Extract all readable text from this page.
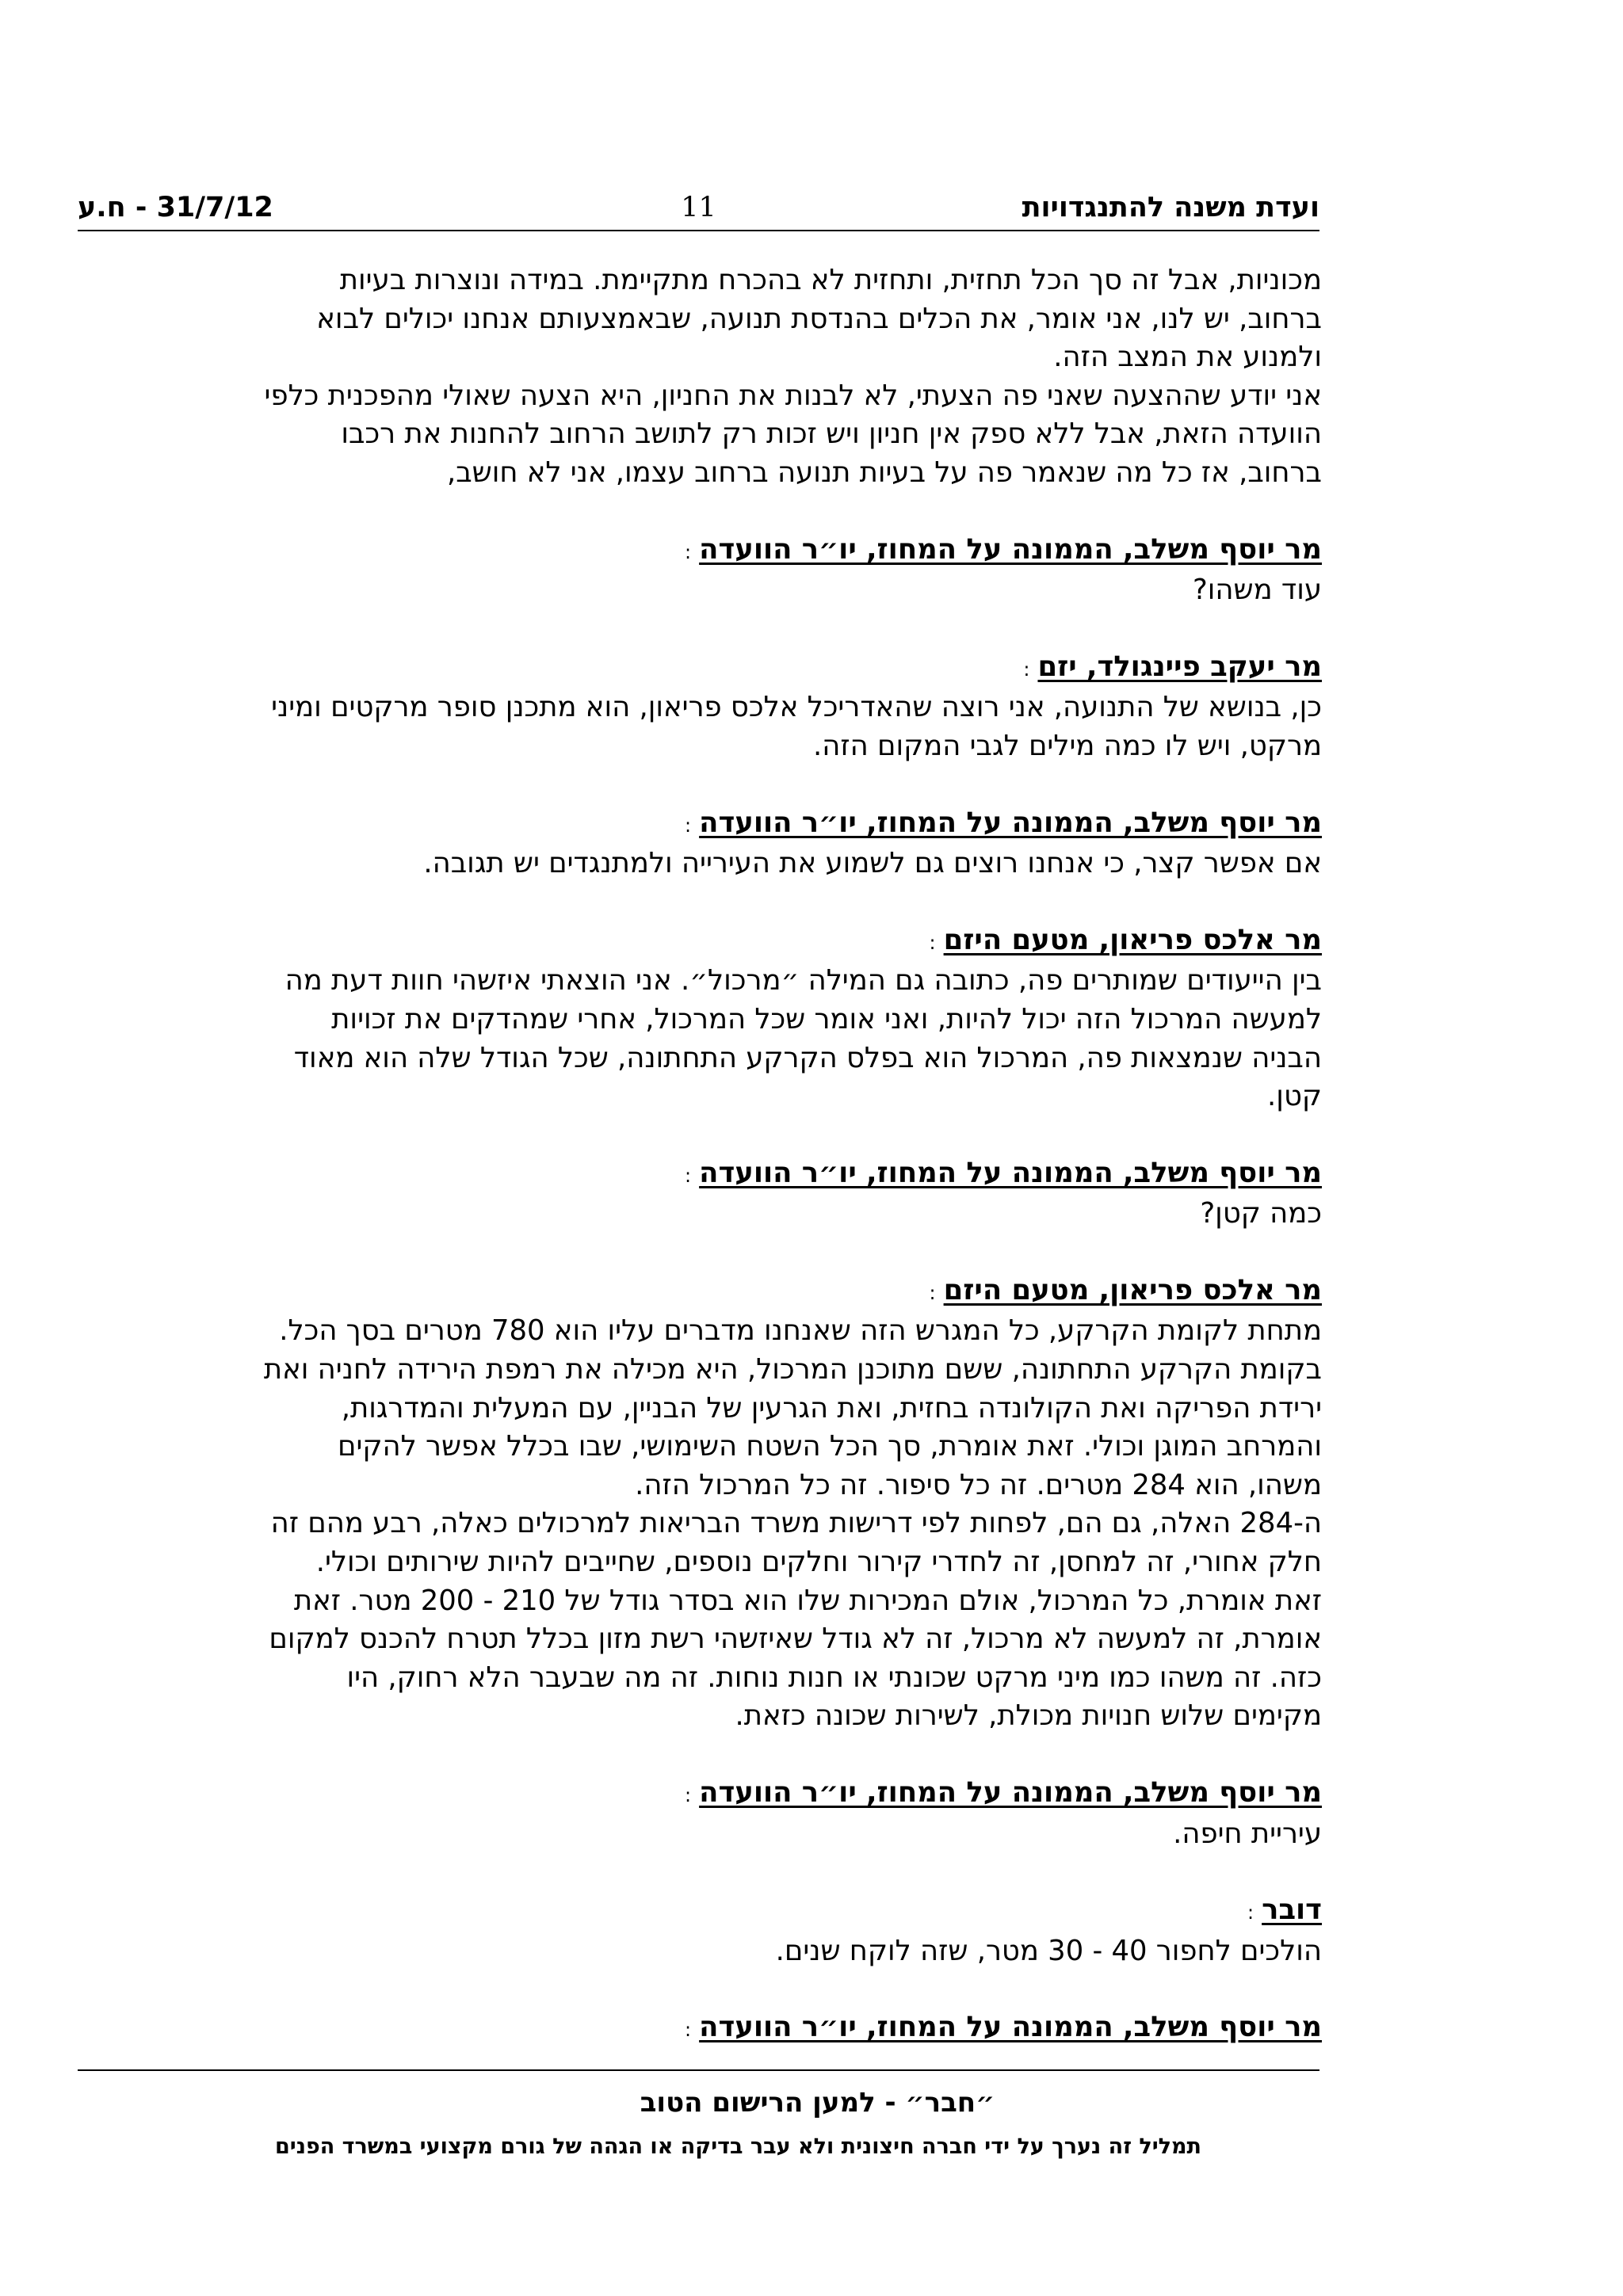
ועדת משנה להתנגדויות
11
31/7/12 - ח.ע

מכוניות, אבל זה סך הכל תחזית, ותחזית לא בהכרח מתקיימת. במידה ונוצרות בעיות

ברחוב, יש לנו, אני אומר, את הכלים בהנדסת תנועה, שבאמצעותם אנחנו יכולים לבוא

ולמנוע את המצב הזה.

אני יודע שההצעה שאני פה הצעתי, לא לבנות את החניון, היא הצעה שאולי מהפכנית כלפי

הוועדה הזאת, אבל ללא ספק אין חניון ויש זכות רק לתושב הרחוב להחנות את רכבו

ברחוב, אז כל מה שנאמר פה על בעיות תנועה ברחוב עצמו, אני לא חושב,

מר יוסף משלב, הממונה על המחוז, יו״ר הוועדה:

עוד משהו?

מר יעקב פיינגולד, יזם:

כן, בנושא של התנועה, אני רוצה שהאדריכל אלכס פריאון, הוא מתכנן סופר מרקטים ומיני

מרקט, ויש לו כמה מילים לגבי המקום הזה.

מר יוסף משלב, הממונה על המחוז, יו״ר הוועדה:

אם אפשר קצר, כי אנחנו רוצים גם לשמוע את העירייה ולמתנגדים יש תגובה.

מר אלכס פריאון, מטעם היזם:

בין הייעודים שמותרים פה, כתובה גם המילה ״מרכול״. אני הוצאתי איזשהי חוות דעת מה

למעשה המרכול הזה יכול להיות, ואני אומר שכל המרכול, אחרי שמהדקים את זכויות

הבניה שנמצאות פה, המרכול הוא בפלס הקרקע התחתונה, שכל הגודל שלה הוא מאוד

קטן.

מר יוסף משלב, הממונה על המחוז, יו״ר הוועדה:

כמה קטן?

מר אלכס פריאון, מטעם היזם:

מתחת לקומת הקרקע, כל המגרש הזה שאנחנו מדברים עליו הוא 780 מטרים בסך הכל.

בקומת הקרקע התחתונה, ששם מתוכנן המרכול, היא מכילה את רמפת הירידה לחניה ואת

ירידת הפריקה ואת הקולונדה בחזית, ואת הגרעין של הבניין, עם המעלית והמדרגות,

והמרחב המוגן וכולי. זאת אומרת, סך הכל השטח השימושי, שבו בכלל אפשר להקים

משהו, הוא 284 מטרים. זה כל סיפור. זה כל המרכול הזה.

ה-284 האלה, גם הם, לפחות לפי דרישות משרד הבריאות למרכולים כאלה, רבע מהם זה

חלק אחורי, זה למחסן, זה לחדרי קירור וחלקים נוספים, שחייבים להיות שירותים וכולי.

זאת אומרת, כל המרכול, אולם המכירות שלו הוא בסדר גודל של 210 - 200 מטר. זאת

אומרת, זה למעשה לא מרכול, זה לא גודל שאיזשהי רשת מזון בכלל תטרח להכנס למקום

כזה. זה משהו כמו מיני מרקט שכונתי או חנות נוחות. זה מה שבעבר הלא רחוק, היו

מקימים שלוש חנויות מכולת, לשירות שכונה כזאת.

מר יוסף משלב, הממונה על המחוז, יו״ר הוועדה:

עיריית חיפה.

דובר:

הולכים לחפור 40 - 30 מטר, שזה לוקח שנים.

מר יוסף משלב, הממונה על המחוז, יו״ר הוועדה:

״חבר״ - למען הרישום הטוב
תמליל זה נערך על ידי חברה חיצונית ולא עבר בדיקה או הגהה של גורם מקצועי במשרד הפנים
